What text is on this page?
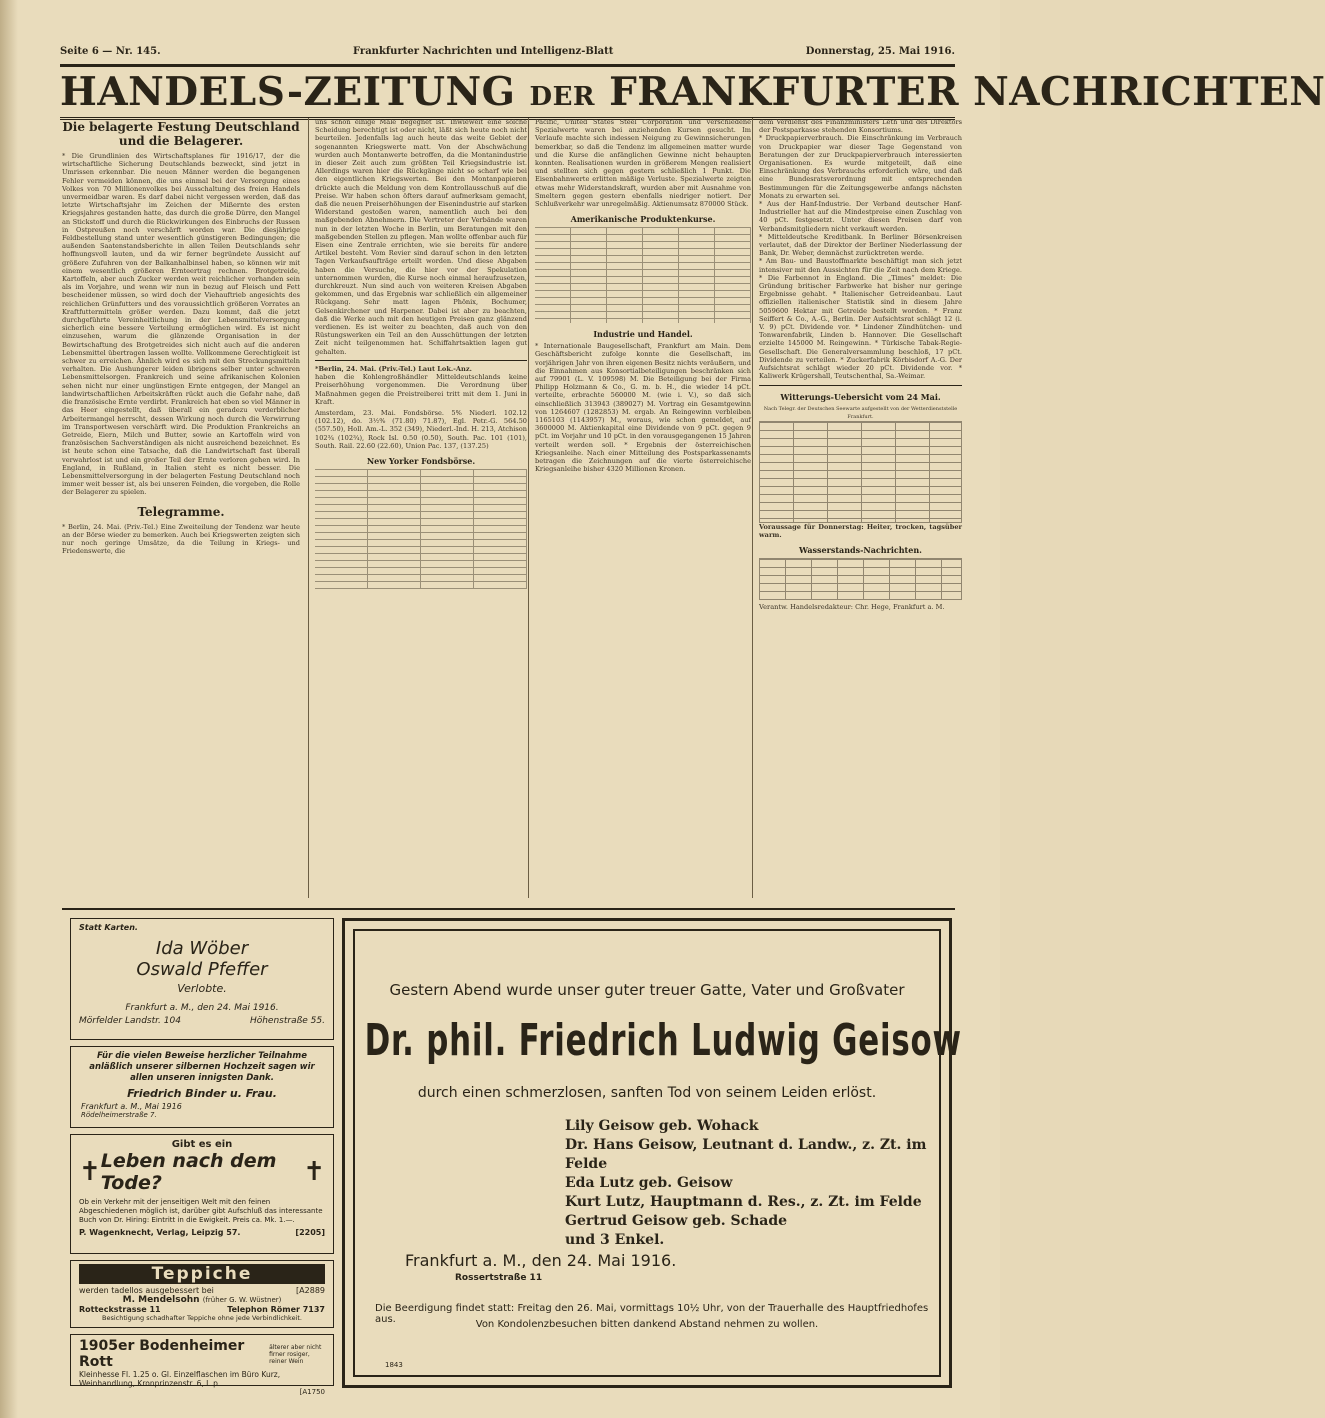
Seite 6 — Nr. 145.	Frankfurter Nachrichten und Intelligenz-Blatt	Donnerstag, 25. Mai 1916.
HANDELS-ZEITUNG DER FRANKFURTER NACHRICHTEN
Die belagerte Festung Deutschland und die Belagerer.
* Die Grundlinien des Wirtschaftsplanes für 1916/17, der die wirtschaftliche Sicherung Deutschlands bezweckt, sind jetzt in Umrissen erkennbar. Die neuen Männer werden die begangenen Fehler vermeiden können, die uns einmal bei der Versorgung eines Volkes von 70 Millionenvolkes bei Ausschaltung des freien Handels unvermeidbar waren. Es darf dabei nicht vergessen werden, daß das letzte Wirtschaftsjahr im Zeichen der Mißernte des ersten Kriegsjahres gestanden hatte, das durch die große Dürre, den Mangel an Stickstoff und durch die Rückwirkungen des Einbruchs der Russen in Ostpreußen noch verschärft worden war. Die diesjährige Feldbestellung stand unter wesentlich günstigeren Bedingungen; die außenden Saatenstandsberichte in allen Teilen Deutschlands sehr hoffnungsvoll lauten, und da wir ferner begründete Aussicht auf größere Zufuhren von der Balkanhalbinsel haben, so können wir mit einem wesentlich größeren Ernteertrag rechnen. Brotgetreide, Kartoffeln, aber auch Zucker werden weit reichlicher vorhanden sein als im Vorjahre, und wenn wir nun in bezug auf Fleisch und Fett bescheidener müssen, so wird doch der Viehauftrieb angesichts des reichlichen Grünfutters und des voraussichtlich größeren Vorrates an Kraftfuttermitteln größer werden. Dazu kommt, daß die jetzt durchgeführte Vereinheitlichung in der Lebensmittelversorgung sicherlich eine bessere Verteilung ermöglichen wird. Es ist nicht einzusehen, warum die glänzende Organisation in der Bewirtschaftung des Brotgetreides sich nicht auch auf die anderen Lebensmittel übertragen lassen wollte. Vollkommene Gerechtigkeit ist schwer zu erreichen. Ähnlich wird es sich mit den Streckungsmitteln verhalten. Die Aushungerer leiden übrigens selber unter schweren Lebensmittelsorgen. Frankreich und seine afrikanischen Kolonien sehen nicht nur einer ungünstigen Ernte entgegen, der Mangel an landwirtschaftlichen Arbeitskräften rückt auch die Gefahr nahe, daß die französische Ernte verdirbt. Frankreich hat eben so viel Männer in das Heer eingestellt, daß überall ein geradezu verderblicher Arbeitermangel herrscht, dessen Wirkung noch durch die Verwirrung im Transportwesen verschärft wird. Die Produktion Frankreichs an Getreide, Eiern, Milch und Butter, sowie an Kartoffeln wird von französischen Sachverständigen als nicht ausreichend bezeichnet. Es ist heute schon eine Tatsache, daß die Landwirtschaft fast überall verwahrlost ist und ein großer Teil der Ernte verloren gehen wird. In England, in Rußland, in Italien steht es nicht besser. Die Lebensmittelversorgung in der belagerten Festung Deutschland noch immer weit besser ist, als bei unseren Feinden, die vorgeben, die Rolle der Belagerer zu spielen.
Telegramme.
* Berlin, 24. Mai. (Priv.-Tel.) Eine Zweiteilung der Tendenz war heute an der Börse wieder zu bemerken. Auch bei Kriegswerten zeigten sich nur noch geringe Umsätze, da die Teilung in Kriegs- und Friedenswerte, die
uns schon einige Male begegnet ist. Inwieweit eine solche Scheidung berechtigt ist oder nicht, läßt sich heute noch nicht beurteilen. Jedenfalls lag auch heute das weite Gebiet der sogenannten Kriegswerte matt. Von der Abschwächung wurden auch Montanwerte betroffen, da die Montanindustrie in dieser Zeit auch zum größten Teil Kriegsindustrie ist. Allerdings waren hier die Rückgänge nicht so scharf wie bei den eigentlichen Kriegswerten. Bei den Montanpapieren drückte auch die Meldung von dem Kontrollausschuß auf die Preise. Wir haben schon öfters darauf aufmerksam gemacht, daß die neuen Preiserhöhungen der Eisenindustrie auf starken Widerstand gestoßen waren, namentlich auch bei den maßgebenden Abnehmern. Die Vertreter der Verbände waren nun in der letzten Woche in Berlin, um Beratungen mit den maßgebenden Stellen zu pflegen. Man wollte offenbar auch für Eisen eine Zentrale errichten, wie sie bereits für andere Artikel besteht. Vom Revier sind darauf schon in den letzten Tagen Verkaufsaufträge erteilt worden. Und diese Abgaben haben die Versuche, die hier vor der Spekulation unternommen wurden, die Kurse noch einmal heraufzusetzen, durchkreuzt. Nun sind auch von weiteren Kreisen Abgaben gekommen, und das Ergebnis war schließlich ein allgemeiner Rückgang. Sehr matt lagen Phönix, Bochumer, Gelsenkirchener und Harpener. Dabei ist aber zu beachten, daß die Werke auch mit den heutigen Preisen ganz glänzend verdienen. Es ist weiter zu beachten, daß auch von den Rüstungswerken ein Teil an den Ausschüttungen der letzten Zeit nicht teilgenommen hat. Schiffahrtsaktien lagen gut gehalten.
*Berlin, 24. Mai. (Priv.-Tel.) Laut Lok.-Anz.
haben die Kohlengroßhändler Mitteldeutschlands keine Preiserhöhung vorgenommen. Die Verordnung über Maßnahmen gegen die Preistreiberei tritt mit dem 1. Juni in Kraft.
Amsterdam, 23. Mai. Fondsbörse. 5% Niederl. 102.12 (102.12), do. 3½% (71.80) 71.87), Egl. Petr.-G. 564.50 (557.50), Holl. Am.-L. 352 (349), Niederl.-Ind. H. 213, Atchison 102¾ (102¾), Rock Isl. 0.50 (0.50), South. Pac. 101 (101), South. Rail. 22.60 (22.60), Union Pac. 137, (137.25)
New Yorker Fondsbörse.
Pacific, United States Steel Corporation und verschiedene Spezialwerte waren bei anziehenden Kursen gesucht. Im Verlaufe machte sich indessen Neigung zu Gewinnsicherungen bemerkbar, so daß die Tendenz im allgemeinen matter wurde und die Kurse die anfänglichen Gewinne nicht behaupten konnten. Realisationen wurden in größerem Mengen realisiert und stellten sich gegen gestern schließlich 1 Punkt. Die Eisenbahnwerte erlitten mäßige Verluste. Spezialwerte zeigten etwas mehr Widerstandskraft, wurden aber mit Ausnahme von Smeltern gegen gestern ebenfalls niedriger notiert. Der Schlußverkehr war unregelmäßig. Aktienumsatz 870000 Stück.
Amerikanische Produktenkurse.
Industrie und Handel.
* Internationale Baugesellschaft, Frankfurt am Main. Dem Geschäftsbericht zufolge konnte die Gesellschaft, im vorjährigen Jahr von ihren eigenen Besitz nichts veräußern, und die Einnahmen aus Konsortialbeteiligungen beschränken sich auf 79901 (L. V. 109598) M. Die Beteiligung bei der Firma Philipp Holzmann & Co., G. m. b. H., die wieder 14 pCt. verteilte, erbrachte 560000 M. (wie i. V.), so daß sich einschließlich 313943 (389027) M. Vortrag ein Gesamtgewinn von 1264607 (1282853) M. ergab. An Reingewinn verbleiben 1165103 (1143957) M., woraus, wie schon gemeldet, auf 3600000 M. Aktienkapital eine Dividende von 9 pCt. gegen 9 pCt. im Vorjahr und 10 pCt. in den vorausgegangenen 15 Jahren verteilt werden soll. * Ergebnis der österreichischen Kriegsanleihe. Nach einer Mitteilung des Postsparkassenamts betragen die Zeichnungen auf die vierte österreichische Kriegsanleihe bisher 4320 Millionen Kronen.
dem Verdienst des Finanzministers Leth und des Direktors der Postsparkasse stehenden Konsortiums.
* Druckpapierverbrauch. Die Einschränkung im Verbrauch von Druckpapier war dieser Tage Gegenstand von Beratungen der zur Druckpapierverbrauch interessierten Organisationen. Es wurde mitgeteilt, daß eine Einschränkung des Verbrauchs erforderlich wäre, und daß eine Bundesratsverordnung mit entsprechenden Bestimmungen für die Zeitungsgewerbe anfangs nächsten Monats zu erwarten sei.
* Aus der Hanf-Industrie. Der Verband deutscher Hanf-Industrieller hat auf die Mindestpreise einen Zuschlag von 40 pCt. festgesetzt. Unter diesen Preisen darf von Verbandsmitgliedern nicht verkauft werden.
* Mitteldeutsche Kreditbank. In Berliner Börsenkreisen verlautet, daß der Direktor der Berliner Niederlassung der Bank, Dr. Weber, demnächst zurücktreten werde.
* Am Bau- und Baustoffmarkte beschäftigt man sich jetzt intensiver mit den Aussichten für die Zeit nach dem Kriege. * Die Farbennot in England. Die „Times“ meldet: Die Gründung britischer Farbwerke hat bisher nur geringe Ergebnisse gehabt. * Italienischer Getreideanbau. Laut offiziellen italienischer Statistik sind in diesem Jahre 5059600 Hektar mit Getreide bestellt worden. * Franz Seiffert & Co., A.-G., Berlin. Der Aufsichtsrat schlägt 12 (i. V. 9) pCt. Dividende vor. * Lindener Zündhütchen- und Tonwarenfabrik, Linden b. Hannover. Die Gesellschaft erzielte 145000 M. Reingewinn. * Türkische Tabak-Regie-Gesellschaft. Die Generalversammlung beschloß, 17 pCt. Dividende zu verteilen. * Zuckerfabrik Körbisdorf A.-G. Der Aufsichtsrat schlägt wieder 20 pCt. Dividende vor. * Kaliwerk Krügershall, Teutschenthal, Sa.-Weimar.
Witterungs-Uebersicht vom 24 Mai.
Nach Telegr. der Deutschen Seewarte aufgestellt von der Wetterdienststelle Frankfurt.
Voraussage für Donnerstag: Heiter, trocken, tagsüber warm.
Wasserstands-Nachrichten.
Verantw. Handelsredakteur: Chr. Hege, Frankfurt a. M.
Statt Karten.
Ida Wöber
Oswald Pfeffer
Verlobte.
Frankfurt a. M., den 24. Mai 1916.
Mörfelder Landstr. 104	Höhenstraße 55.
Für die vielen Beweise herzlicher Teilnahme anläßlich unserer silbernen Hochzeit sagen wir allen unseren innigsten Dank.
Friedrich Binder u. Frau.
Frankfurt a. M., Mai 1916
Rödelheimerstraße 7.
Gibt es ein
✝ Leben nach dem Tode?	✝
Ob ein Verkehr mit der jenseitigen Welt mit den feinen Abgeschiedenen möglich ist, darüber gibt Aufschluß das interessante Buch von Dr. Hiring: Eintritt in die Ewigkeit. Preis ca. Mk. 1.—.
P. Wagenknecht, Verlag, Leipzig 57.	[2205]
Teppiche
werden tadellos ausgebessert bei	[A2889
M. Mendelsohn (früher G. W. Wüstner)
Rotteckstrasse 11	Telephon Römer 7137
Besichtigung schadhafter Teppiche ohne jede Verbindlichkeit.
1905er Bodenheimer Rott
älterer aber nicht firner rosiger, reiner Wein
Kleinhesse Fl. 1.25 o. Gl. Einzelflaschen im Büro Kurz, Weinhandlung, Kronprinzenstr. 6, I. p.
[A1750
Gestern Abend wurde unser guter treuer Gatte, Vater und Großvater
Dr. phil. Friedrich Ludwig Geisow
durch einen schmerzlosen, sanften Tod von seinem Leiden erlöst.
Lily Geisow geb. Wohack
Dr. Hans Geisow, Leutnant d. Landw., z. Zt. im Felde
Eda Lutz geb. Geisow
Kurt Lutz, Hauptmann d. Res., z. Zt. im Felde
Gertrud Geisow geb. Schade
und 3 Enkel.
Frankfurt a. M., den 24. Mai 1916.
Rossertstraße 11
Die Beerdigung findet statt: Freitag den 26. Mai, vormittags 10½ Uhr, von der Trauerhalle des Hauptfriedhofes aus.	Von Kondolenzbesuchen bitten dankend Abstand nehmen zu wollen.
1843
